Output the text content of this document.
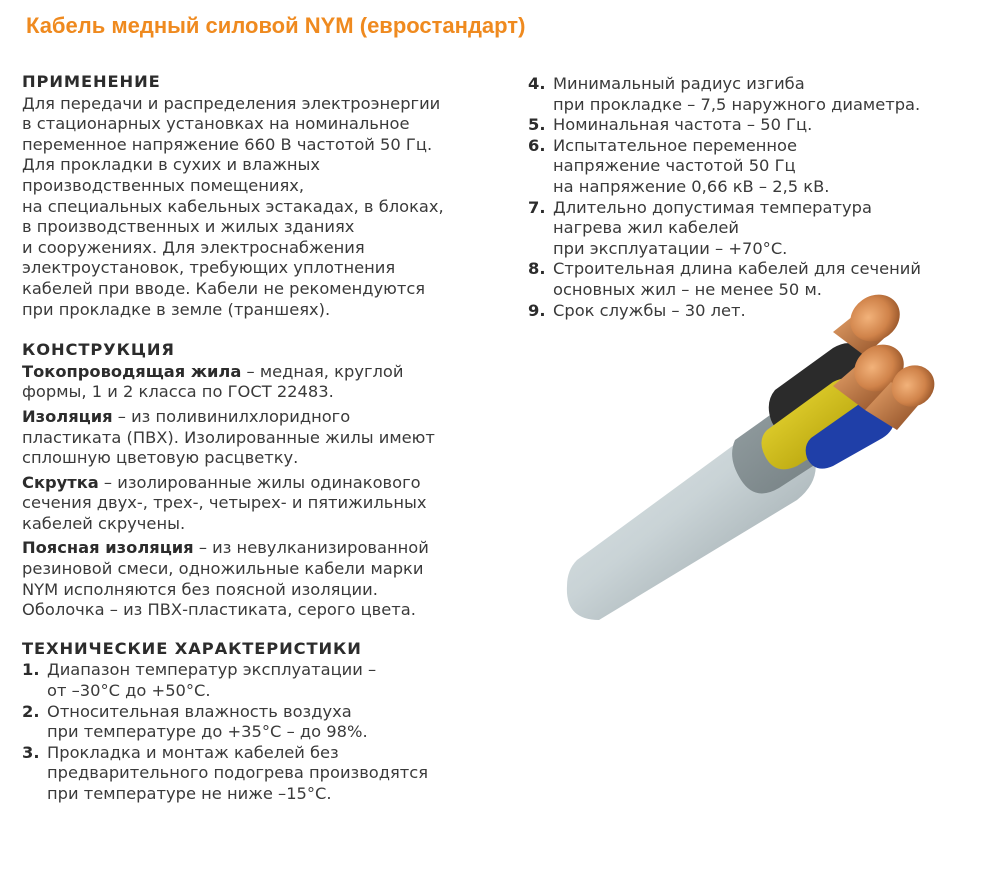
Кабель медный силовой NYM (евростандарт)
ПРИМЕНЕНИЕ
Для передачи и распределения электроэнергии
в стационарных установках на номинальное
переменное напряжение 660 В частотой 50 Гц.
Для прокладки в сухих и влажных
производственных помещениях,
на специальных кабельных эстакадах, в блоках,
в производственных и жилых зданиях
и сооружениях. Для электроснабжения
электроустановок, требующих уплотнения
кабелей при вводе. Кабели не рекомендуются
при прокладке в земле (траншеях).
КОНСТРУКЦИЯ
Токопроводящая жила – медная, круглой
формы, 1 и 2 класса по ГОСТ 22483.
Изоляция – из поливинилхлоридного
пластиката (ПВХ). Изолированные жилы имеют
сплошную цветовую расцветку.
Скрутка – изолированные жилы одинакового
сечения двух-, трех-, четырех- и пятижильных
кабелей скручены.
Поясная изоляция – из невулканизированной
резиновой смеси, одножильные кабели марки
NYM исполняются без поясной изоляции.
Оболочка – из ПВХ-пластиката, серого цвета.
ТЕХНИЧЕСКИЕ ХАРАКТЕРИСТИКИ
1. Диапазон температур эксплуатации –
от –30°С до +50°С.
2. Относительная влажность воздуха
при температуре до +35°С – до 98%.
3. Прокладка и монтаж кабелей без
предварительного подогрева производятся
при температуре не ниже –15°С.
4. Минимальный радиус изгиба
при прокладке – 7,5 наружного диаметра.
5. Номинальная частота – 50 Гц.
6. Испытательное переменное
напряжение частотой 50 Гц
на напряжение 0,66 кВ – 2,5 кВ.
7. Длительно допустимая температура
нагрева жил кабелей
при эксплуатации – +70°С.
8. Строительная длина кабелей для сечений
основных жил – не менее 50 м.
9. Срок службы – 30 лет.
